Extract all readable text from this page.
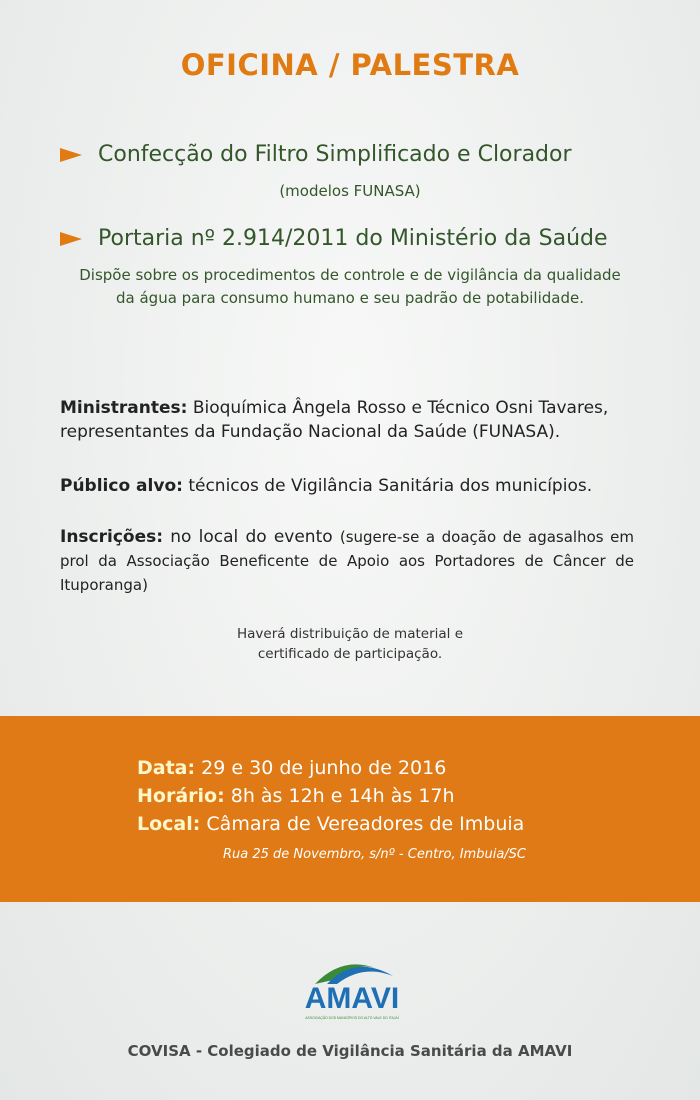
OFICINA / PALESTRA
Confecção do Filtro Simplificado e Clorador
(modelos FUNASA)
Portaria nº 2.914/2011 do Ministério da Saúde
Dispõe sobre os procedimentos de controle e de vigilância da qualidade
da água para consumo humano e seu padrão de potabilidade.
Ministrantes: Bioquímica Ângela Rosso e Técnico Osni Tavares, representantes da Fundação Nacional da Saúde (FUNASA).
Público alvo: técnicos de Vigilância Sanitária dos municípios.
Inscrições: no local do evento (sugere-se a doação de agasalhos em prol da Associação Beneficente de Apoio aos Portadores de Câncer de Ituporanga)
Haverá distribuição de material e
certificado de participação.
Data: 29 e 30 de junho de 2016
Horário: 8h às 12h e 14h às 17h
Local: Câmara de Vereadores de Imbuia
Rua 25 de Novembro, s/nº - Centro, Imbuia/SC
AMAVI
ASSOCIAÇÃO DOS MUNICÍPIOS DO ALTO VALE DO ITAJAÍ
COVISA - Colegiado de Vigilância Sanitária da AMAVI
